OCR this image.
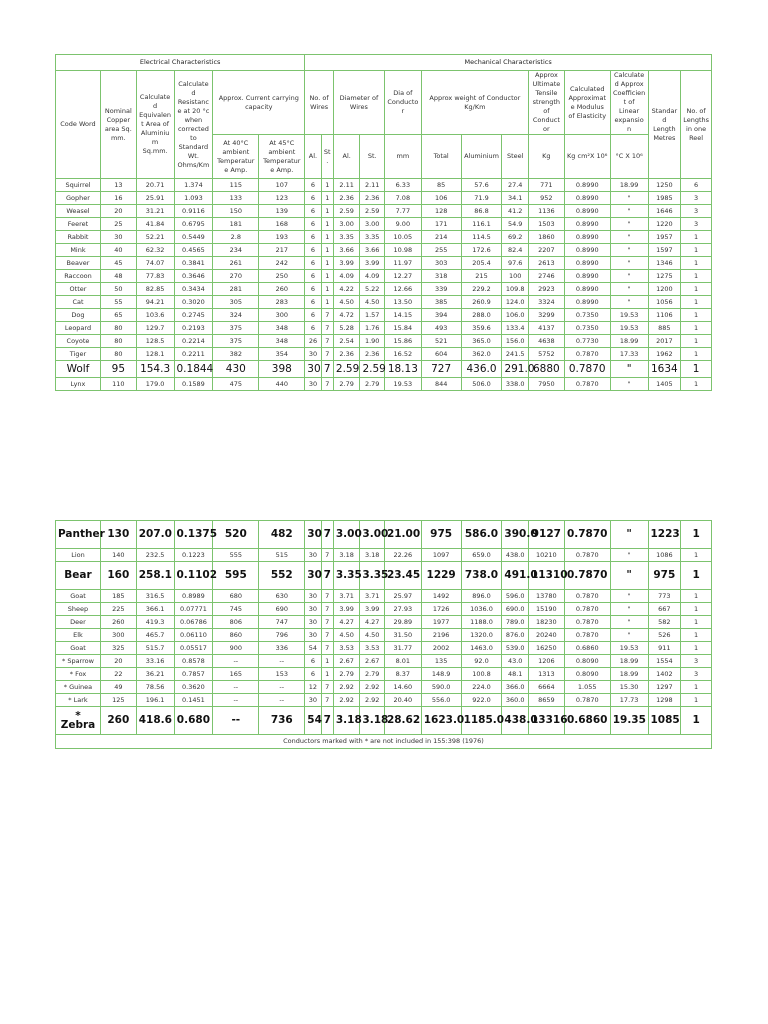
Electrical Characteristics						Mechanical Characteristics												
Code Word	Nominal Copper area Sq. mm.	Calculated Equivalent Area of Aluminium Sq.mm.	Calculated Resistance at 20 °c when corrected to Standard Wt. Ohms/Km	Approx. Current carrying capacity		No. of Wires		Diameter of Wires		Dia of Conductor	Approx weight of Conductor Kg/Km			Approx Ultimate Tensile strength of Conductor	Calculated Approximate Modulus of Elasticity	Calculated Approx Coefficient of Linear expansion	Standard Length Metres	No. of Lengths in one Reel
				At 40°C ambient Temperature Amp.	At 45°C ambient Temperature Amp.	Al.	St .	Al.	St.	mm	Total	Aluminium	Steel	Kg	Kg cm²X 10⁶	°C X 10⁶		
Squirrel	13	20.71	1.374	115	107	6	1	2.11	2.11	6.33	85	57.6	27.4	771	0.8990	18.99	1250	6
Gopher	16	25.91	1.093	133	123	6	1	2.36	2.36	7.08	106	71.9	34.1	952	0.8990	"	1985	3
Weasel	20	31.21	0.9116	150	139	6	1	2.59	2.59	7.77	128	86.8	41.2	1136	0.8990	"	1646	3
Feeret	25	41.84	0.6795	181	168	6	1	3.00	3.00	9.00	171	116.1	54.9	1503	0.8990	"	1220	3
Rabbit	30	52.21	0.5449	2.8	193	6	1	3.35	3.35	10.05	214	114.5	69.2	1860	0.8990	"	1957	1
Mink	40	62.32	0.4565	234	217	6	1	3.66	3.66	10.98	255	172.6	82.4	2207	0.8990	"	1597	1
Beaver	45	74.07	0.3841	261	242	6	1	3.99	3.99	11.97	303	205.4	97.6	2613	0.8990	"	1346	1
Raccoon	48	77.83	0.3646	270	250	6	1	4.09	4.09	12.27	318	215	100	2746	0.8990	"	1275	1
Otter	50	82.85	0.3434	281	260	6	1	4.22	5.22	12.66	339	229.2	109.8	2923	0.8990	"	1200	1
Cat	55	94.21	0.3020	305	283	6	1	4.50	4.50	13.50	385	260.9	124.0	3324	0.8990	"	1056	1
Dog	65	103.6	0.2745	324	300	6	7	4.72	1.57	14.15	394	288.0	106.0	3299	0.7350	19.53	1106	1
Leopard	80	129.7	0.2193	375	348	6	7	5.28	1.76	15.84	493	359.6	133.4	4137	0.7350	19.53	885	1
Coyote	80	128.5	0.2214	375	348	26	7	2.54	1.90	15.86	521	365.0	156.0	4638	0.7730	18.99	2017	1
Tiger	80	128.1	0.2211	382	354	30	7	2.36	2.36	16.52	604	362.0	241.5	5752	0.7870	17.33	1962	1
Wolf	95	154.3	0.1844	430	398	30	7	2.59	2.59	18.13	727	436.0	291.0	6880	0.7870	"	1634	1
Lynx	110	179.0	0.1589	475	440	30	7	2.79	2.79	19.53	844	506.0	338.0	7950	0.7870	"	1405	1
Panther	130	207.0	0.1375	520	482	30	7	3.00	3.00	21.00	975	586.0	390.0	9127	0.7870	"	1223	1
Lion	140	232.5	0.1223	555	515	30	7	3.18	3.18	22.26	1097	659.0	438.0	10210	0.7870	"	1086	1
Bear	160	258.1	0.1102	595	552	30	7	3.35	3.35	23.45	1229	738.0	491.0	11310	0.7870	"	975	1
Goat	185	316.5	0.8989	680	630	30	7	3.71	3.71	25.97	1492	896.0	596.0	13780	0.7870	"	773	1
Sheep	225	366.1	0.07771	745	690	30	7	3.99	3.99	27.93	1726	1036.0	690.0	15190	0.7870	"	667	1
Deer	260	419.3	0.06786	806	747	30	7	4.27	4.27	29.89	1977	1188.0	789.0	18230	0.7870	"	582	1
Elk	300	465.7	0.06110	860	796	30	7	4.50	4.50	31.50	2196	1320.0	876.0	20240	0.7870	"	526	1
Goat	325	515.7	0.05517	900	336	54	7	3.53	3.53	31.77	2002	1463.0	539.0	16250	0.6860	19.53	911	1
* Sparrow	20	33.16	0.8578	--	--	6	1	2.67	2.67	8.01	135	92.0	43.0	1206	0.8090	18.99	1554	3
* Fox	22	36.21	0.7857	165	153	6	1	2.79	2.79	8.37	148.9	100.8	48.1	1313	0.8090	18.99	1402	3
* Guinea	49	78.56	0.3620	--	--	12	7	2.92	2.92	14.60	590.0	224.0	366.0	6664	1.055	15.30	1297	1
* Lark	125	196.1	0.1451	--	--	30	7	2.92	2.92	20.40	556.0	922.0	360.0	8659	0.7870	17.73	1298	1
* Zebra	260	418.6	0.680	--	736	54	7	3.18	3.18	28.62	1623.0	1185.0	438.0	13316	0.6860	19.35	1085	1
Conductors marked with * are not included in 155:398 (1976)																		
